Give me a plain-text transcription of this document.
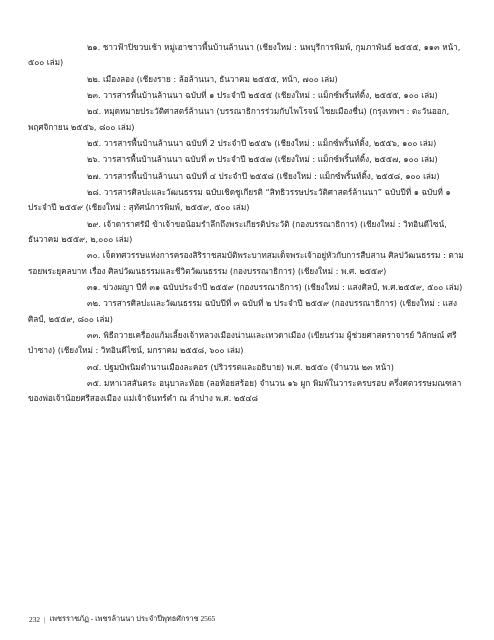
๒๑. ชาวฟ้าปิขวบเช้า หมู่เฮาชาวพื้นบ้านล้านนา (เชียงใหม่ : นพบุรีการพิมพ์, กุมภาพันธ์ ๒๕๕๕, ๑๑๓ หน้า, ๕๐๐ เล่ม)

๒๒. เมืองลอง (เชียงราย : ล้อล้านนา, ธันวาคม ๒๕๕๕, หน้า, ๗๐๐ เล่ม)

๒๓. วารสารพื้นบ้านล้านนา ฉบับที่ ๑ ประจำปี ๒๕๕๕ (เชียงใหม่ : แม็กซ์พริ้นท์ติ้ง, ๒๕๕๕, ๑๐๐ เล่ม)

๒๔. หมุดหมายประวัติศาสตร์ล้านนา (บรรณาธิการร่วมกับไพโรจน์ ไชยเมืองชื่น) (กรุงเทพฯ : ตะวันออก, พฤศจิกายน ๒๕๕๖, ๘๐๐ เล่ม)

๒๕. วารสารพื้นบ้านล้านนา ฉบับที่ 2 ประจำปี ๒๕๕๖ (เชียงใหม่ : แม็กซ์พริ้นท์ติ้ง, ๒๕๕๖, ๑๐๐ เล่ม)

๒๖. วารสารพื้นบ้านล้านนา ฉบับที่ ๓ ประจำปี ๒๕๕๗ (เชียงใหม่ : แม็กซ์พริ้นท์ติ้ง, ๒๕๕๗, ๑๐๐ เล่ม)

๒๗. วารสารพื้นบ้านล้านนา ฉบับที่ ๔ ประจำปี ๒๕๕๘ (เชียงใหม่ : แม็กซ์พริ้นท์ติ้ง, ๒๕๕๘, ๑๐๐ เล่ม)

๒๘. วารสารศิลปะและวัฒนธรรม ฉบับเชิดชูเกียรติ “สิทธิวรรษประวัติศาสตร์ล้านนา” ฉบับปีที่ ๑ ฉบับที่ ๑ ประจำปี ๒๕๕๙ (เชียงใหม่ : สุทัศน์การพิมพ์, ๒๕๕๙, ๕๐๐ เล่ม)

๒๙. เจ้าดาราศรัมี ข้าเจ้าขอน้อมรำลึกถึงพระเกียรติประวัติ (กองบรรณาธิการ) (เชียงใหม่ : วิทอินดีไซน์, ธันวาคม ๒๕๕๙, ๒,๐๐๐ เล่ม)

๓๐. เจ็ดทศวรรษแห่งการครองสิริราชสมบัติพระบาทสมเด็จพระเจ้าอยู่หัวกับการสืบสาน ศิลปวัฒนธรรม : ตามรอยพระยุคลบาท เรื่อง ศิลปวัฒนธรรมและชีวิตวัฒนธรรม (กองบรรณาธิการ) (เชียงใหม่ : พ.ศ. ๒๕๕๙)

๓๑. ข่วงผญา ปีที่ ๓๑ ฉบับประจำปี ๒๕๕๙ (กองบรรณาธิการ) (เชียงใหม่ : แสงศิลป์, พ.ศ.๒๕๕๙, ๕๐๐ เล่ม)

๓๒. วารสารศิลปะและวัฒนธรรม ฉบับปีที่ ๓ ฉบับที่ ๒ ประจำปี ๒๕๕๙ (กองบรรณาธิการ) (เชียงใหม่ : แสงศิลป์, ๒๕๕๙, ๘๐๐ เล่ม)

๓๓. พิธีถวายเครื่องแก้มเลี้ยงเจ้าหลวงเมืองน่านและเทวดาเมือง (เขียนร่วม ผู้ช่วยศาสตราจารย์ วิลักษณ์ ศรีป่าซาง) (เชียงใหม่ : วิทอินดีไซน์, มกราคม ๒๕๕๘, ๖๐๐ เล่ม)

๓๔. ปฐมบัพนิมตำนานเมืองละคอร (ปริวรรตและอธิบาย) พ.ศ. ๒๕๕๐ (จำนวน ๒๓ หน้า)

๓๕. มหาเวสสันตระ อนุบาละห้อย (ลอห้อยสร้อย) จำนวน ๑๖ ผูก พิมพ์ในวาระครบรอบ ครึ่งศตวรรษมณฑลาของพ่อเจ้าน้อยศรีสองเมือง แม่เจ้าจันทร์คำ ณ ลำปาง พ.ศ. ๒๕๔๘

232 | เพชรราชภัฏ - เพชรล้านนา ประจำปีพุทธศักราช 2565
